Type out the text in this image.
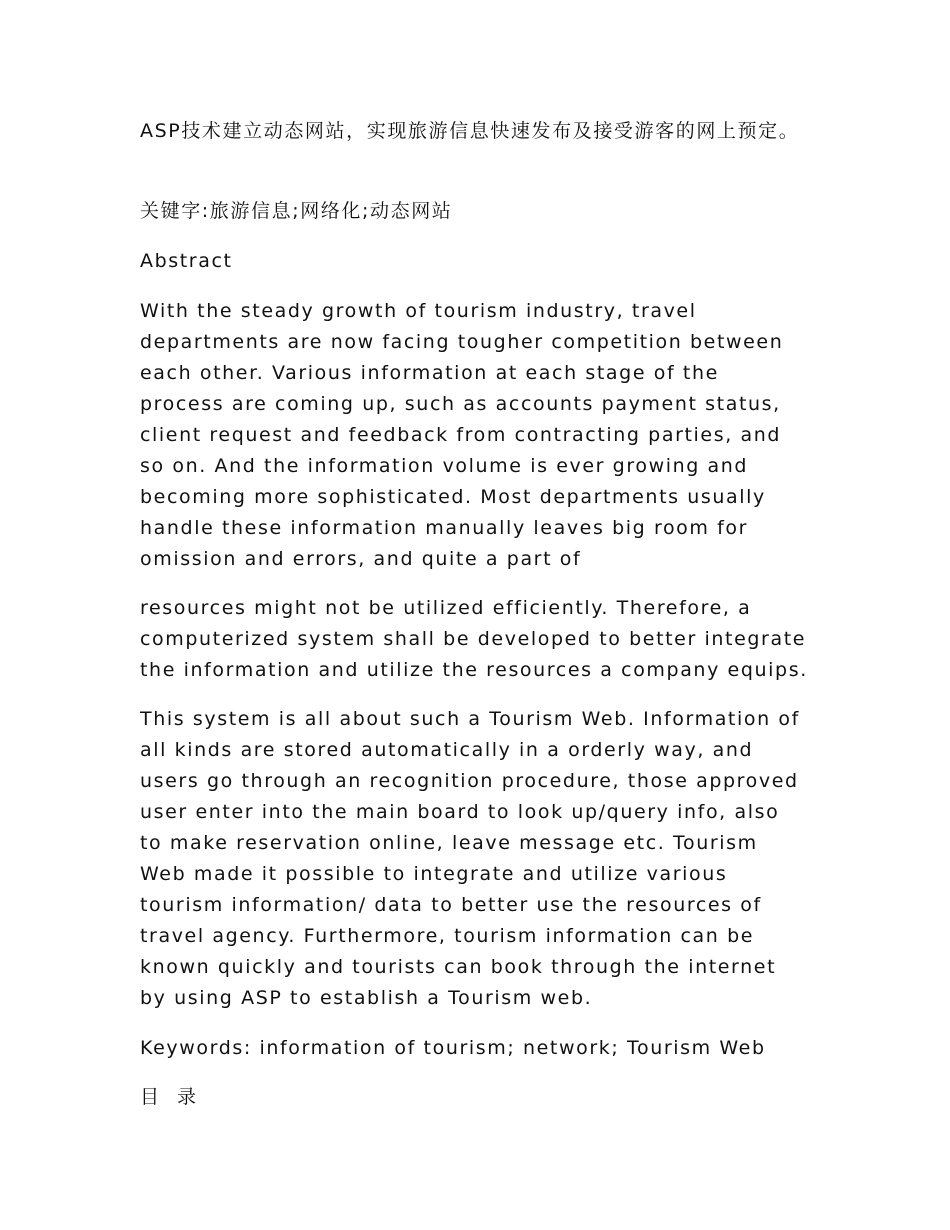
ASP技术建立动态网站，实现旅游信息快速发布及接受游客的网上预定。

关键字:旅游信息;网络化;动态网站

Abstract

With the steady growth of tourism industry, travel
departments are now facing tougher competition between
each other. Various information at each stage of the
process are coming up, such as accounts payment status,
client request and feedback from contracting parties, and
so on. And the information volume is ever growing and
becoming more sophisticated. Most departments usually
handle these information manually leaves big room for
omission and errors, and quite a part of

resources might not be utilized efficiently. Therefore, a
computerized system shall be developed to better integrate
the information and utilize the resources a company equips.

This system is all about such a Tourism Web. Information of
all kinds are stored automatically in a orderly way, and
users go through an recognition procedure, those approved
user enter into the main board to look up/query info, also
to make reservation online, leave message etc. Tourism
Web made it possible to integrate and utilize various
tourism information/ data to better use the resources of
travel agency. Furthermore, tourism information can be
known quickly and tourists can book through the internet
by using ASP to establish a Tourism web.

Keywords: information of tourism; network; Tourism Web

目 录
